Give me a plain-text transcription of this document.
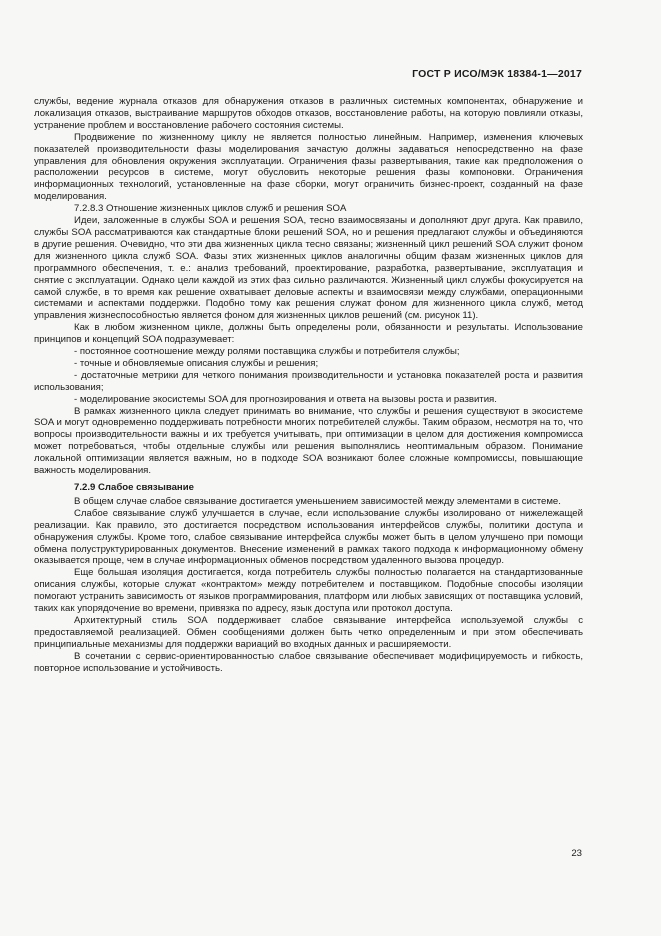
ГОСТ Р ИСО/МЭК 18384-1—2017

службы, ведение журнала отказов для обнаружения отказов в различных системных компонентах, обнаружение и локализация отказов, выстраивание маршрутов обходов отказов, восстановление работы, на которую повлияли отказы, устранение проблем и восстановление рабочего состояния системы.

Продвижение по жизненному циклу не является полностью линейным. Например, изменения ключевых показателей производительности фазы моделирования зачастую должны задаваться непосредственно на фазе управления для обновления окружения эксплуатации. Ограничения фазы развертывания, такие как предположения о расположении ресурсов в системе, могут обусловить некоторые решения фазы компоновки. Ограничения информационных технологий, установленные на фазе сборки, могут ограничить бизнес-проект, созданный на фазе моделирования.

7.2.8.3 Отношение жизненных циклов служб и решения SOA

Идеи, заложенные в службы SOA и решения SOA, тесно взаимосвязаны и дополняют друг друга. Как правило, службы SOA рассматриваются как стандартные блоки решений SOA, но и решения предлагают службы и объединяются в другие решения. Очевидно, что эти два жизненных цикла тесно связаны; жизненный цикл решений SOA служит фоном для жизненного цикла служб SOA. Фазы этих жизненных циклов аналогичны общим фазам жизненных циклов для программного обеспечения, т. е.: анализ требований, проектирование, разработка, развертывание, эксплуатация и снятие с эксплуатации. Однако цели каждой из этих фаз сильно различаются. Жизненный цикл службы фокусируется на самой службе, в то время как решение охватывает деловые аспекты и взаимосвязи между службами, операционными системами и аспектами поддержки. Подобно тому как решения служат фоном для жизненного цикла служб, метод управления жизнеспособностью является фоном для жизненных циклов решений (см. рисунок 11).

Как в любом жизненном цикле, должны быть определены роли, обязанности и результаты. Использование принципов и концепций SOA подразумевает:

- постоянное соотношение между ролями поставщика службы и потребителя службы;

- точные и обновляемые описания службы и решения;

- достаточные метрики для четкого понимания производительности и установка показателей роста и развития использования;

- моделирование экосистемы SOA для прогнозирования и ответа на вызовы роста и развития.

В рамках жизненного цикла следует принимать во внимание, что службы и решения существуют в экосистеме SOA и могут одновременно поддерживать потребности многих потребителей службы. Таким образом, несмотря на то, что вопросы производительности важны и их требуется учитывать, при оптимизации в целом для достижения компромисса может потребоваться, чтобы отдельные службы или решения выполнялись неоптимальным образом. Понимание локальной оптимизации является важным, но в подходе SOA возникают более сложные компромиссы, повышающие важность моделирования.

7.2.9 Слабое связывание

В общем случае слабое связывание достигается уменьшением зависимостей между элементами в системе.

Слабое связывание служб улучшается в случае, если использование службы изолировано от нижележащей реализации. Как правило, это достигается посредством использования интерфейсов службы, политики доступа и обнаружения службы. Кроме того, слабое связывание интерфейса службы может быть в целом улучшено при помощи обмена полуструктурированных документов. Внесение изменений в рамках такого подхода к информационному обмену оказывается проще, чем в случае информационных обменов посредством удаленного вызова процедур.

Еще большая изоляция достигается, когда потребитель службы полностью полагается на стандартизованные описания службы, которые служат «контрактом» между потребителем и поставщиком. Подобные способы изоляции помогают устранить зависимость от языков программирования, платформ или любых зависящих от поставщика условий, таких как упорядочение во времени, привязка по адресу, язык доступа или протокол доступа.

Архитектурный стиль SOA поддерживает слабое связывание интерфейса используемой службы с предоставляемой реализацией. Обмен сообщениями должен быть четко определенным и при этом обеспечивать принципиальные механизмы для поддержки вариаций во входных данных и расширяемости.

В сочетании с сервис-ориентированностью слабое связывание обеспечивает модифицируемость и гибкость, повторное использование и устойчивость.

23
